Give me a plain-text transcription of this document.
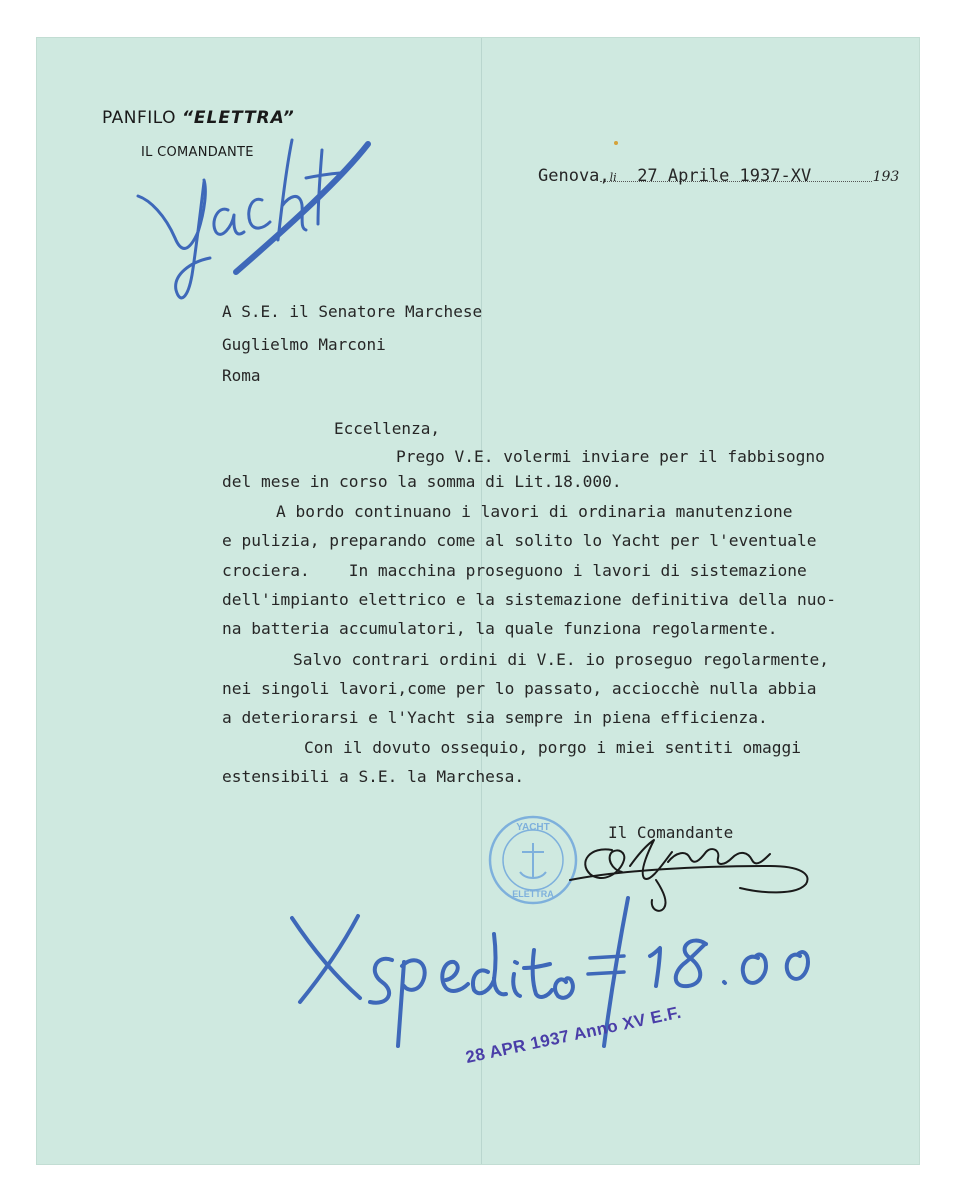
PANFILO “ELETTRA”
IL COMANDANTE
Genova,li 27 Aprile 1937-XV	193
A S.E. il Senatore Marchese
Guglielmo Marconi
Roma
Eccellenza,
Prego V.E. volermi inviare per il fabbisogno
del mese in corso la somma di Lit.18.000.
A bordo continuano i lavori di ordinaria manutenzione
e pulizia, preparando come al solito lo Yacht per l'eventuale
crociera.    In macchina proseguono i lavori di sistemazione
dell'impianto elettrico e la sistemazione definitiva della nuo-
na batteria accumulatori, la quale funziona regolarmente.
Salvo contrari ordini di V.E. io proseguo regolarmente,
nei singoli lavori,come per lo passato, acciocchè nulla abbia
a deteriorarsi e l'Yacht sia sempre in piena efficienza.
Con il dovuto ossequio, porgo i miei sentiti omaggi
estensibili a S.E. la Marchesa.
Il Comandante
YACHT
ELETTRA
28 APR 1937 Anno XV E.F.
